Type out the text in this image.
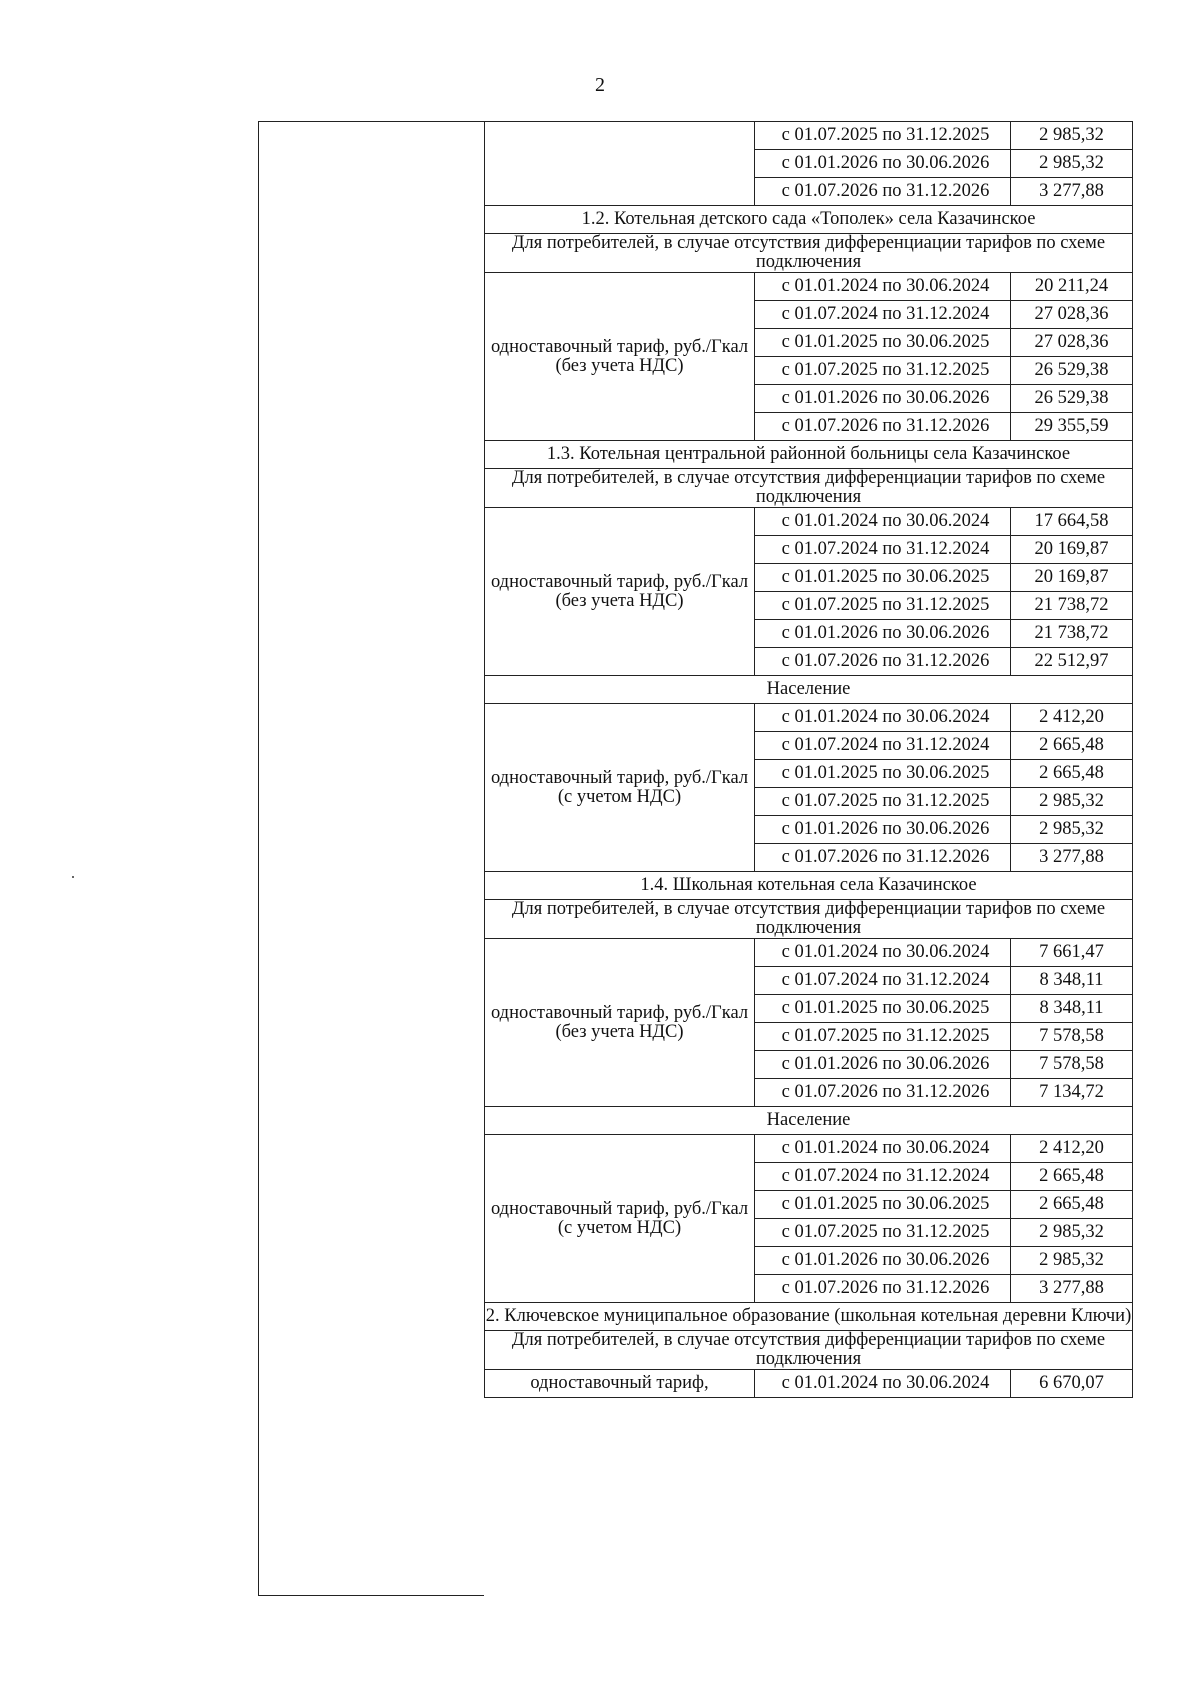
2
	с 01.07.2025 по 31.12.2025	2 985,32
	с 01.01.2026 по 30.06.2026	2 985,32
	с 01.07.2026 по 31.12.2026	3 277,88
1.2. Котельная детского сада «Тополек» села Казачинское		
Для потребителей, в случае отсутствия дифференциации тарифов по схеме подключения		
одноставочный тариф, руб./Гкал (без учета НДС)	с 01.01.2024 по 30.06.2024	20 211,24
	с 01.07.2024 по 31.12.2024	27 028,36
	с 01.01.2025 по 30.06.2025	27 028,36
	с 01.07.2025 по 31.12.2025	26 529,38
	с 01.01.2026 по 30.06.2026	26 529,38
	с 01.07.2026 по 31.12.2026	29 355,59
1.3. Котельная центральной районной больницы села Казачинское		
Для потребителей, в случае отсутствия дифференциации тарифов по схеме подключения		
одноставочный тариф, руб./Гкал (без учета НДС)	с 01.01.2024 по 30.06.2024	17 664,58
	с 01.07.2024 по 31.12.2024	20 169,87
	с 01.01.2025 по 30.06.2025	20 169,87
	с 01.07.2025 по 31.12.2025	21 738,72
	с 01.01.2026 по 30.06.2026	21 738,72
	с 01.07.2026 по 31.12.2026	22 512,97
Население		
одноставочный тариф, руб./Гкал (с учетом НДС)	с 01.01.2024 по 30.06.2024	2 412,20
	с 01.07.2024 по 31.12.2024	2 665,48
	с 01.01.2025 по 30.06.2025	2 665,48
	с 01.07.2025 по 31.12.2025	2 985,32
	с 01.01.2026 по 30.06.2026	2 985,32
	с 01.07.2026 по 31.12.2026	3 277,88
1.4. Школьная котельная села Казачинское		
Для потребителей, в случае отсутствия дифференциации тарифов по схеме подключения		
одноставочный тариф, руб./Гкал (без учета НДС)	с 01.01.2024 по 30.06.2024	7 661,47
	с 01.07.2024 по 31.12.2024	8 348,11
	с 01.01.2025 по 30.06.2025	8 348,11
	с 01.07.2025 по 31.12.2025	7 578,58
	с 01.01.2026 по 30.06.2026	7 578,58
	с 01.07.2026 по 31.12.2026	7 134,72
Население		
одноставочный тариф, руб./Гкал (с учетом НДС)	с 01.01.2024 по 30.06.2024	2 412,20
	с 01.07.2024 по 31.12.2024	2 665,48
	с 01.01.2025 по 30.06.2025	2 665,48
	с 01.07.2025 по 31.12.2025	2 985,32
	с 01.01.2026 по 30.06.2026	2 985,32
	с 01.07.2026 по 31.12.2026	3 277,88
2. Ключевское муниципальное образование (школьная котельная деревни Ключи)		
Для потребителей, в случае отсутствия дифференциации тарифов по схеме подключения		
одноставочный тариф,	с 01.01.2024 по 30.06.2024	6 670,07
